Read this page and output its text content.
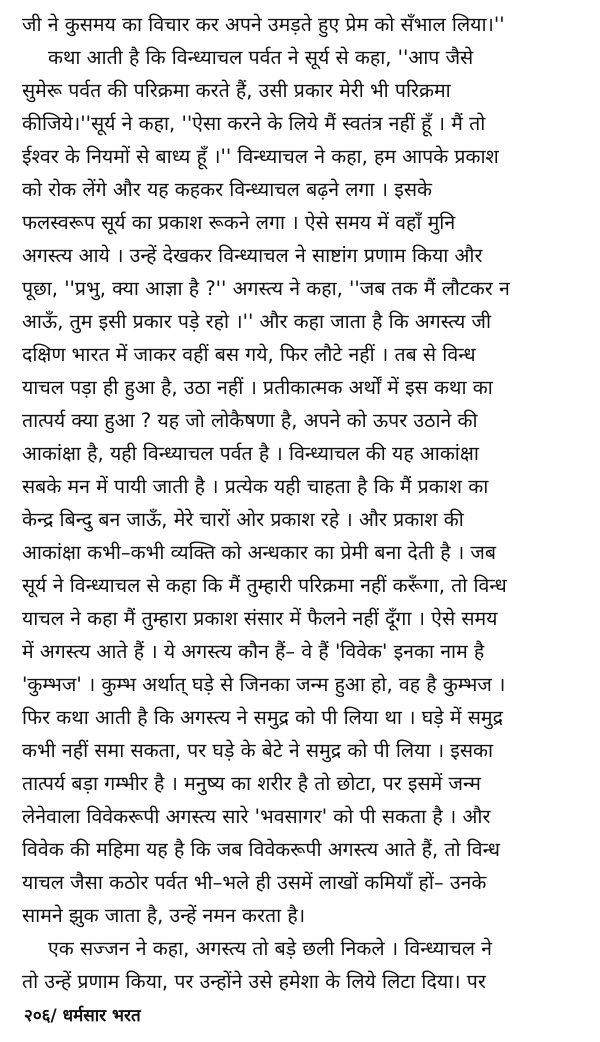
जी ने कुसमय का विचार कर अपने उमड़ते हुए प्रेम को सँभाल लिया।''
कथा आती है कि विन्ध्याचल पर्वत ने सूर्य से कहा, ''आप जैसे
सुमेरू पर्वत की परिक्रमा करते हैं, उसी प्रकार मेरी भी परिक्रमा
कीजिये।''सूर्य ने कहा, ''ऐसा करने के लिये मैं स्वतंत्र नहीं हूँ । मैं तो
ईश्वर के नियमों से बाध्य हूँ ।'' विन्ध्याचल ने कहा, हम आपके प्रकाश
को रोक लेंगे और यह कहकर विन्ध्याचल बढ़ने लगा । इसके
फलस्वरूप सूर्य का प्रकाश रूकने लगा । ऐसे समय में वहाँ मुनि
अगस्त्य आये । उन्हें देखकर विन्ध्याचल ने साष्टांग प्रणाम किया और
पूछा, ''प्रभु, क्या आज्ञा है ?'' अगस्त्य ने कहा, ''जब तक मैं लौटकर न
आऊँ, तुम इसी प्रकार पड़े रहो ।'' और कहा जाता है कि अगस्त्य जी
दक्षिण भारत में जाकर वहीं बस गये, फिर लौटे नहीं । तब से विन्ध
याचल पड़ा ही हुआ है, उठा नहीं । प्रतीकात्मक अर्थों में इस कथा का
तात्पर्य क्या हुआ ? यह जो लोकैषणा है, अपने को ऊपर उठाने की
आकांक्षा है, यही विन्ध्याचल पर्वत है । विन्ध्याचल की यह आकांक्षा
सबके मन में पायी जाती है । प्रत्येक यही चाहता है कि मैं प्रकाश का
केन्द्र बिन्दु बन जाऊँ, मेरे चारों ओर प्रकाश रहे । और प्रकाश की
आकांक्षा कभी–कभी व्यक्ति को अन्धकार का प्रेमी बना देती है । जब
सूर्य ने विन्ध्याचल से कहा कि मैं तुम्हारी परिक्रमा नहीं करूँगा, तो विन्ध
याचल ने कहा मैं तुम्हारा प्रकाश संसार में फैलने नहीं दूँगा । ऐसे समय
में अगस्त्य आते हैं । ये अगस्त्य कौन हैं– वे हैं 'विवेक' इनका नाम है
'कुम्भज' । कुम्भ अर्थात् घड़े से जिनका जन्म हुआ हो, वह है कुम्भज ।
फिर कथा आती है कि अगस्त्य ने समुद्र को पी लिया था । घड़े में समुद्र
कभी नहीं समा सकता, पर घड़े के बेटे ने समुद्र को पी लिया । इसका
तात्पर्य बड़ा गम्भीर है । मनुष्य का शरीर है तो छोटा, पर इसमें जन्म
लेनेवाला विवेकरूपी अगस्त्य सारे 'भवसागर' को पी सकता है । और
विवेक की महिमा यह है कि जब विवेकरूपी अगस्त्य आते हैं, तो विन्ध
याचल जैसा कठोर पर्वत भी–भले ही उसमें लाखों कमियाँ हों– उनके
सामने झुक जाता है, उन्हें नमन करता है।
एक सज्जन ने कहा, अगस्त्य तो बड़े छली निकले । विन्ध्याचल ने
तो उन्हें प्रणाम किया, पर उन्होंने उसे हमेशा के लिये लिटा दिया। पर
२०६/ धर्मसार भरत
